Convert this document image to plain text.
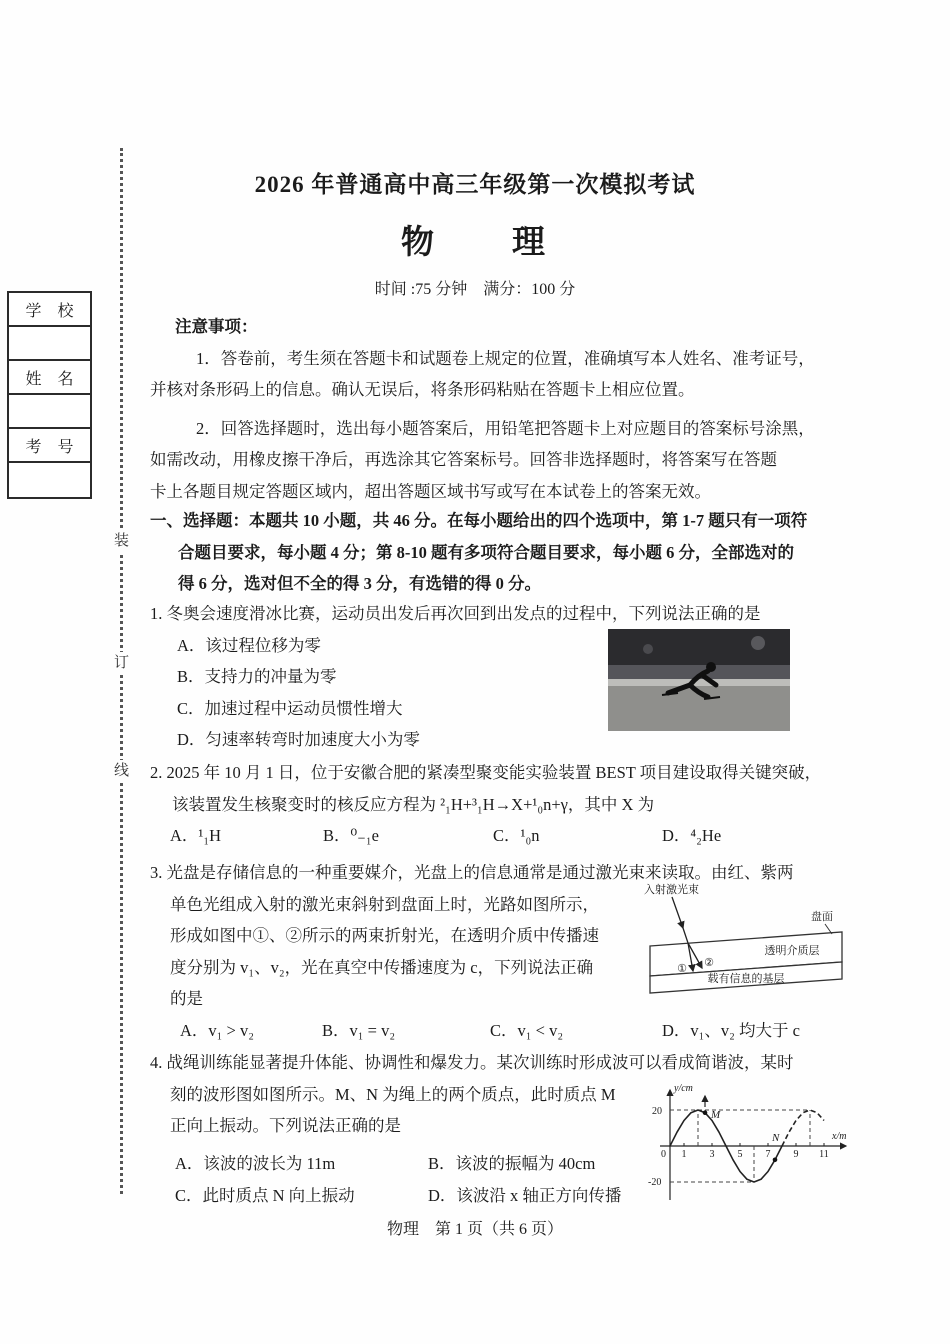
学　校
姓　名
考　号
装
订
线
2026 年普通高中高三年级第一次模拟考试
物　　理
时间 :75 分钟　满分：100 分
注意事项：
1．答卷前，考生须在答题卡和试题卷上规定的位置，准确填写本人姓名、准考证号，
并核对条形码上的信息。确认无误后，将条形码粘贴在答题卡上相应位置。
2．回答选择题时，选出每小题答案后，用铅笔把答题卡上对应题目的答案标号涂黑，
如需改动，用橡皮擦干净后，再选涂其它答案标号。回答非选择题时，将答案写在答题
卡上各题目规定答题区域内，超出答题区域书写或写在本试卷上的答案无效。
一、选择题：本题共 10 小题，共 46 分。在每小题给出的四个选项中，第 1-7 题只有一项符
合题目要求，每小题 4 分；第 8-10 题有多项符合题目要求，每小题 6 分，全部选对的
得 6 分，选对但不全的得 3 分，有选错的得 0 分。
1. 冬奥会速度滑冰比赛，运动员出发后再次回到出发点的过程中，下列说法正确的是
A．该过程位移为零
B．支持力的冲量为零
C．加速过程中运动员惯性增大
D．匀速率转弯时加速度大小为零
2. 2025 年 10 月 1 日，位于安徽合肥的紧凑型聚变能实验装置 BEST 项目建设取得关键突破，
该装置发生核聚变时的核反应方程为 ²₁H+³₁H→X+¹₀n+γ，其中 X 为
A．¹₁H	B．⁰₋₁e	C．¹₀n	D．⁴₂He
3. 光盘是存储信息的一种重要媒介，光盘上的信息通常是通过激光束来读取。由红、紫两
单色光组成入射的激光束斜射到盘面上时，光路如图所示，
形成如图中①、②所示的两束折射光，在透明介质中传播速
度分别为 v₁、v₂，光在真空中传播速度为 c，下列说法正确
的是
A．v₁ > v₂	B．v₁ = v₂	C．v₁ < v₂	D．v₁、v₂ 均大于 c
入射激光束
透明介质层
载有信息的基层
盘面
① ②
4. 战绳训练能显著提升体能、协调性和爆发力。某次训练时形成波可以看成简谐波，某时
刻的波形图如图所示。M、N 为绳上的两个质点，此时质点 M
正向上振动。下列说法正确的是
A．该波的波长为 11m	B．该波的振幅为 40cm
C．此时质点 N 向上振动	D．该波沿 x 轴正方向传播
y/cm
x/m
20
-20
0 1 3 5 7 9 11
M
N
物理　第 1 页（共 6 页）
